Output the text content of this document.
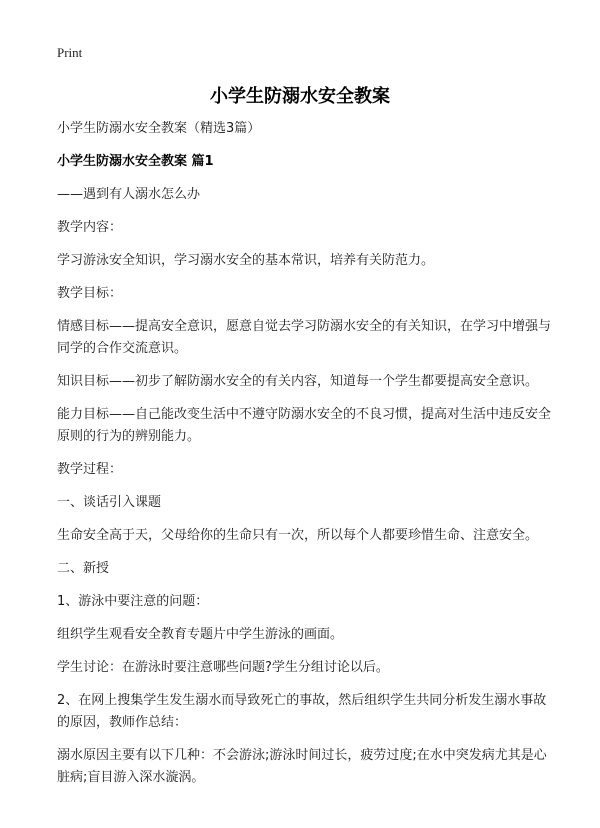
Print
小学生防溺水安全教案

小学生防溺水安全教案（精选3篇）

小学生防溺水安全教案 篇1

——遇到有人溺水怎么办

教学内容：

学习游泳安全知识，学习溺水安全的基本常识，培养有关防范力。

教学目标：

情感目标——提高安全意识，愿意自觉去学习防溺水安全的有关知识，在学习中增强与同学的合作交流意识。

知识目标——初步了解防溺水安全的有关内容，知道每一个学生都要提高安全意识。

能力目标——自己能改变生活中不遵守防溺水安全的不良习惯，提高对生活中违反安全原则的行为的辨别能力。

教学过程：

一、谈话引入课题

生命安全高于天，父母给你的生命只有一次，所以每个人都要珍惜生命、注意安全。

二、新授

1、游泳中要注意的问题：

组织学生观看安全教育专题片中学生游泳的画面。

学生讨论：在游泳时要注意哪些问题?学生分组讨论以后。

2、在网上搜集学生发生溺水而导致死亡的事故，然后组织学生共同分析发生溺水事故的原因，教师作总结：

溺水原因主要有以下几种：不会游泳;游泳时间过长，疲劳过度;在水中突发病尤其是心脏病;盲目游入深水漩涡。
